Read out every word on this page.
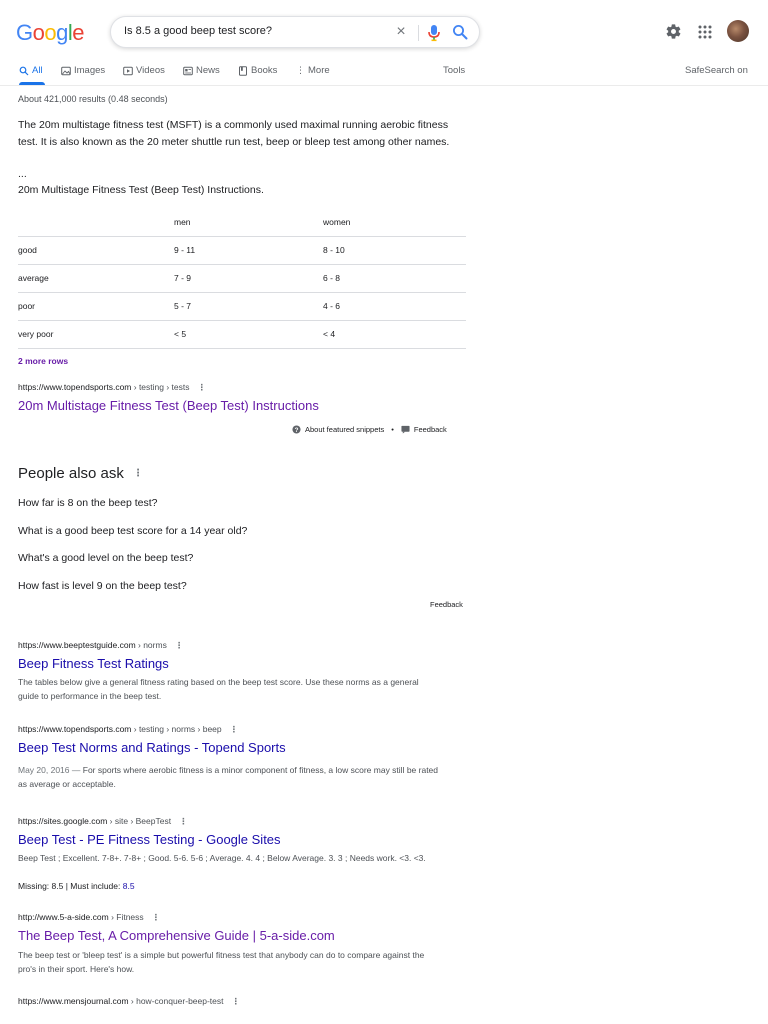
Google	Is 8.5 a good beep test score?	×
All	Images	Videos	News	Books ⋮ More	Tools	SafeSearch on
About 421,000 results (0.48 seconds)
The 20m multistage fitness test (MSFT) is a commonly used maximal running aerobic fitness test. It is also known as the 20 meter shuttle run test, beep or bleep test among other names.
...
20m Multistage Fitness Test (Beep Test) Instructions.
	men	women
good	9 - 11	8 - 10
average	7 - 9	6 - 8
poor	5 - 7	4 - 6
very poor	< 5	< 4
2 more rows
https://www.topendsports.com › testing › tests ⋮
20m Multistage Fitness Test (Beep Test) Instructions
? About featured snippets •	Feedback
People also ask ⋮
How far is 8 on the beep test?
What is a good beep test score for a 14 year old?
What's a good level on the beep test?
How fast is level 9 on the beep test?
Feedback
https://www.beeptestguide.com › norms ⋮
Beep Fitness Test Ratings
The tables below give a general fitness rating based on the beep test score. Use these norms as a general guide to performance in the beep test.
https://www.topendsports.com › testing › norms › beep ⋮
Beep Test Norms and Ratings - Topend Sports
May 20, 2016 — For sports where aerobic fitness is a minor component of fitness, a low score may still be rated as average or acceptable.
https://sites.google.com › site › BeepTest ⋮
Beep Test - PE Fitness Testing - Google Sites
Beep Test ; Excellent. 7-8+. 7-8+ ; Good. 5-6. 5-6 ; Average. 4. 4 ; Below Average. 3. 3 ; Needs work. <3. <3.
Missing: 8.5 | Must include: 8.5
http://www.5-a-side.com › Fitness ⋮
The Beep Test, A Comprehensive Guide | 5-a-side.com
The beep test or 'bleep test' is a simple but powerful fitness test that anybody can do to compare against the pro's in their sport. Here's how.
https://www.mensjournal.com › how-conquer-beep-test ⋮
